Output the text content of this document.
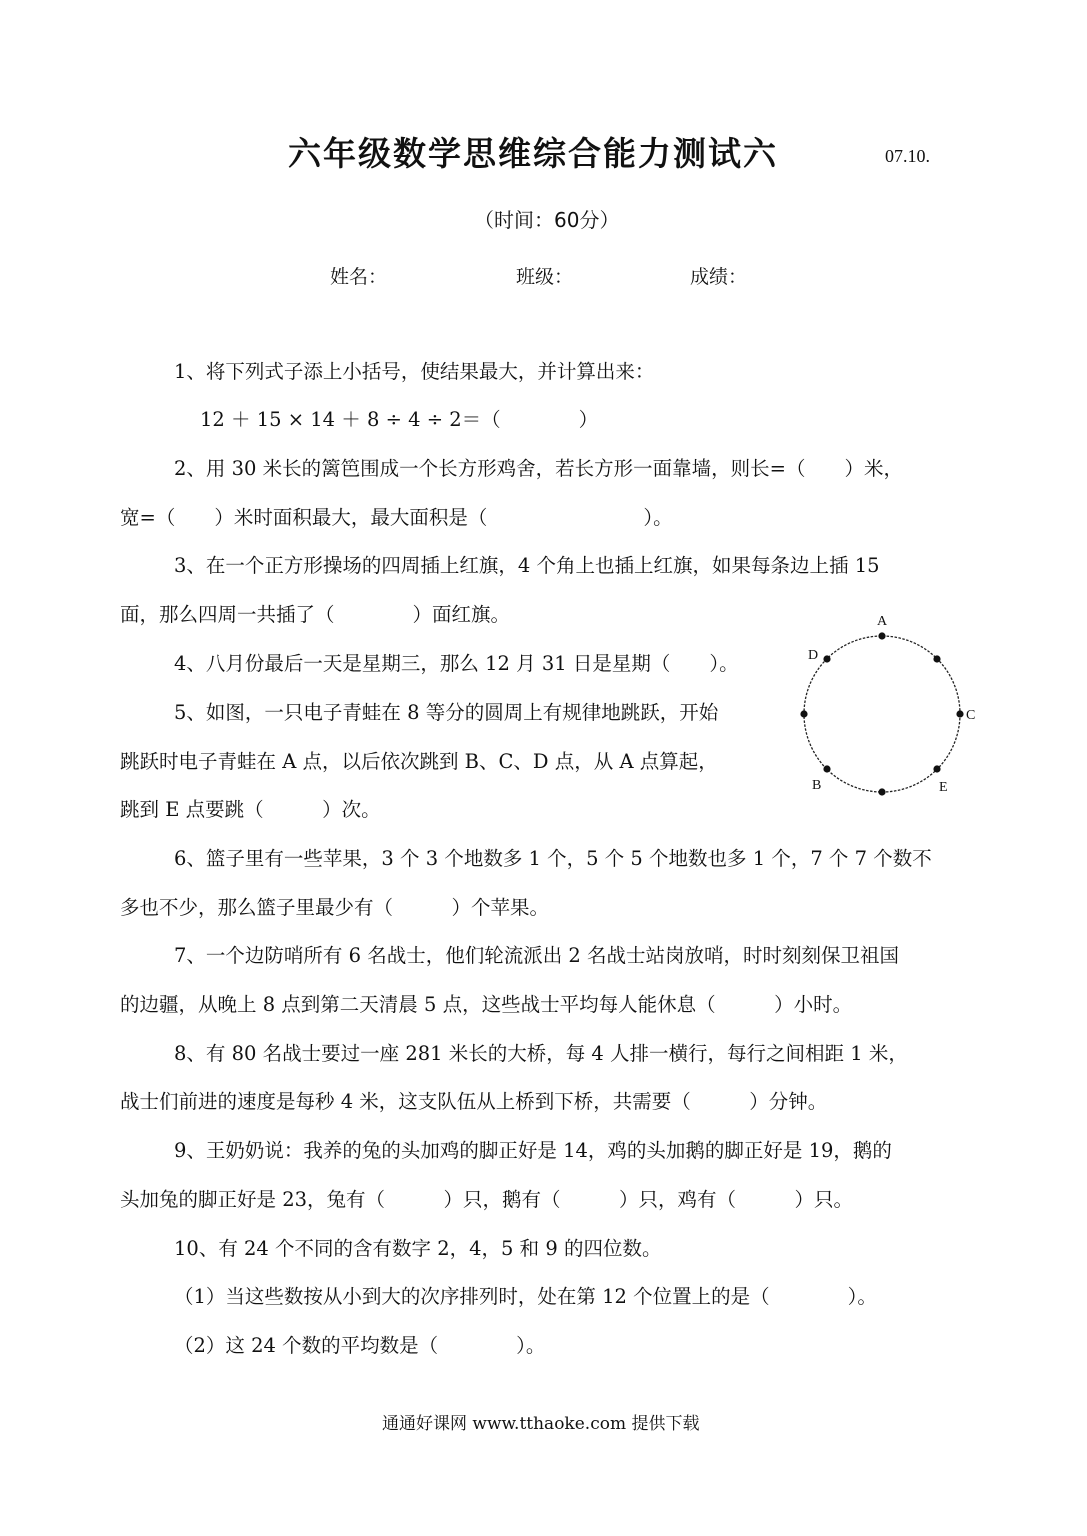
六年级数学思维综合能力测试六	07.10.
（时间：60分）
姓名：	班级：	成绩：
1、将下列式子添上小括号，使结果最大，并计算出来：
12 ＋ 15 × 14 ＋ 8 ÷ 4 ÷ 2＝（　　　　）
2、用 30 米长的篱笆围成一个长方形鸡舍，若长方形一面靠墙，则长=（　　）米，
宽=（　　）米时面积最大，最大面积是（　　　　　　　　）。
3、在一个正方形操场的四周插上红旗，4 个角上也插上红旗，如果每条边上插 15
面，那么四周一共插了（　　　　）面红旗。
4、八月份最后一天是星期三，那么 12 月 31 日是星期（　　）。
5、如图，一只电子青蛙在 8 等分的圆周上有规律地跳跃，开始
跳跃时电子青蛙在 A 点，以后依次跳到 B、C、D 点，从 A 点算起，
跳到 E 点要跳（　　　）次。
6、篮子里有一些苹果，3 个 3 个地数多 1 个，5 个 5 个地数也多 1 个，7 个 7 个数不
多也不少，那么篮子里最少有（　　　）个苹果。
7、一个边防哨所有 6 名战士，他们轮流派出 2 名战士站岗放哨，时时刻刻保卫祖国
的边疆，从晚上 8 点到第二天清晨 5 点，这些战士平均每人能休息（　　　）小时。
8、有 80 名战士要过一座 281 米长的大桥，每 4 人排一横行，每行之间相距 1 米，
战士们前进的速度是每秒 4 米，这支队伍从上桥到下桥，共需要（　　　）分钟。
9、王奶奶说：我养的兔的头加鸡的脚正好是 14，鸡的头加鹅的脚正好是 19，鹅的
头加兔的脚正好是 23，兔有（　　　）只，鹅有（　　　）只，鸡有（　　　）只。
10、有 24 个不同的含有数字 2，4，5 和 9 的四位数。
（1）当这些数按从小到大的次序排列时，处在第 12 个位置上的是（　　　　）。
（2）这 24 个数的平均数是（　　　　）。
A
C
E
B
D
通通好课网 www.tthaoke.com 提供下载
